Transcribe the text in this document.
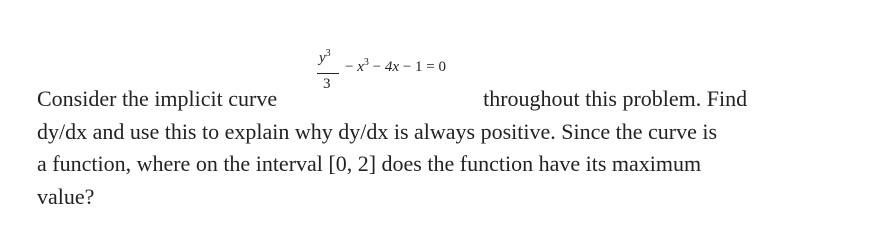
$y^3$
3
− $x^3 - 4x - 1 = 0$
Consider the implicit curve	throughout this problem. Find
dy/dx and use this to explain why dy/dx is always positive. Since the curve is
a function, where on the interval [0, 2] does the function have its maximum
value?
